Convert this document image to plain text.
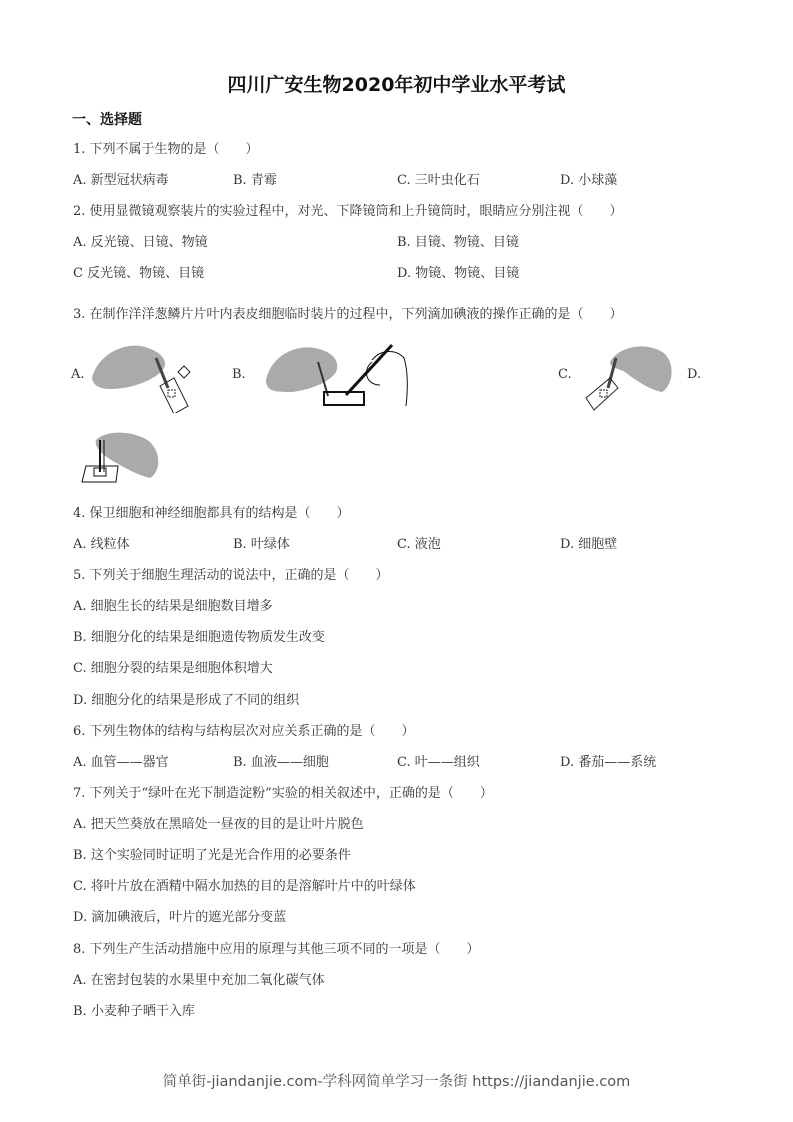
四川广安生物2020年初中学业水平考试
一、选择题
1. 下列不属于生物的是（　　）
A. 新型冠状病毒	B. 青霉	C. 三叶虫化石	D. 小球藻
2. 使用显微镜观察装片的实验过程中，对光、下降镜筒和上升镜筒时，眼睛应分别注视（　　）
A. 反光镜、日镜、物镜	B. 目镜、物镜、目镜
C 反光镜、物镜、目镜	D. 物镜、物镜、目镜
3. 在制作洋洋葱鳞片片叶内表皮细胞临时装片的过程中，下列滴加碘液的操作正确的是（　　）
A.	B.	C.	D.
4. 保卫细胞和神经细胞都具有的结构是（　　）
A. 线粒体	B. 叶绿体	C. 液泡	D. 细胞壁
5. 下列关于细胞生理活动的说法中，正确的是（　　）
A. 细胞生长的结果是细胞数目增多
B. 细胞分化的结果是细胞遗传物质发生改变
C. 细胞分裂的结果是细胞体积增大
D. 细胞分化的结果是形成了不同的组织
6. 下列生物体的结构与结构层次对应关系正确的是（　　）
A. 血管——器官	B. 血液——细胞	C. 叶——组织	D. 番茄——系统
7. 下列关于“绿叶在光下制造淀粉”实验的相关叙述中，正确的是（　　）
A. 把天竺葵放在黑暗处一昼夜的目的是让叶片脱色
B. 这个实验同时证明了光是光合作用的必要条件
C. 将叶片放在酒精中隔水加热的目的是溶解叶片中的叶绿体
D. 滴加碘液后，叶片的遮光部分变蓝
8. 下列生产生活动措施中应用的原理与其他三项不同的一项是（　　）
A. 在密封包装的水果里中充加二氧化碳气体
B. 小麦种子晒干入库
简单街-jiandanjie.com-学科网简单学习一条街 https://jiandanjie.com
